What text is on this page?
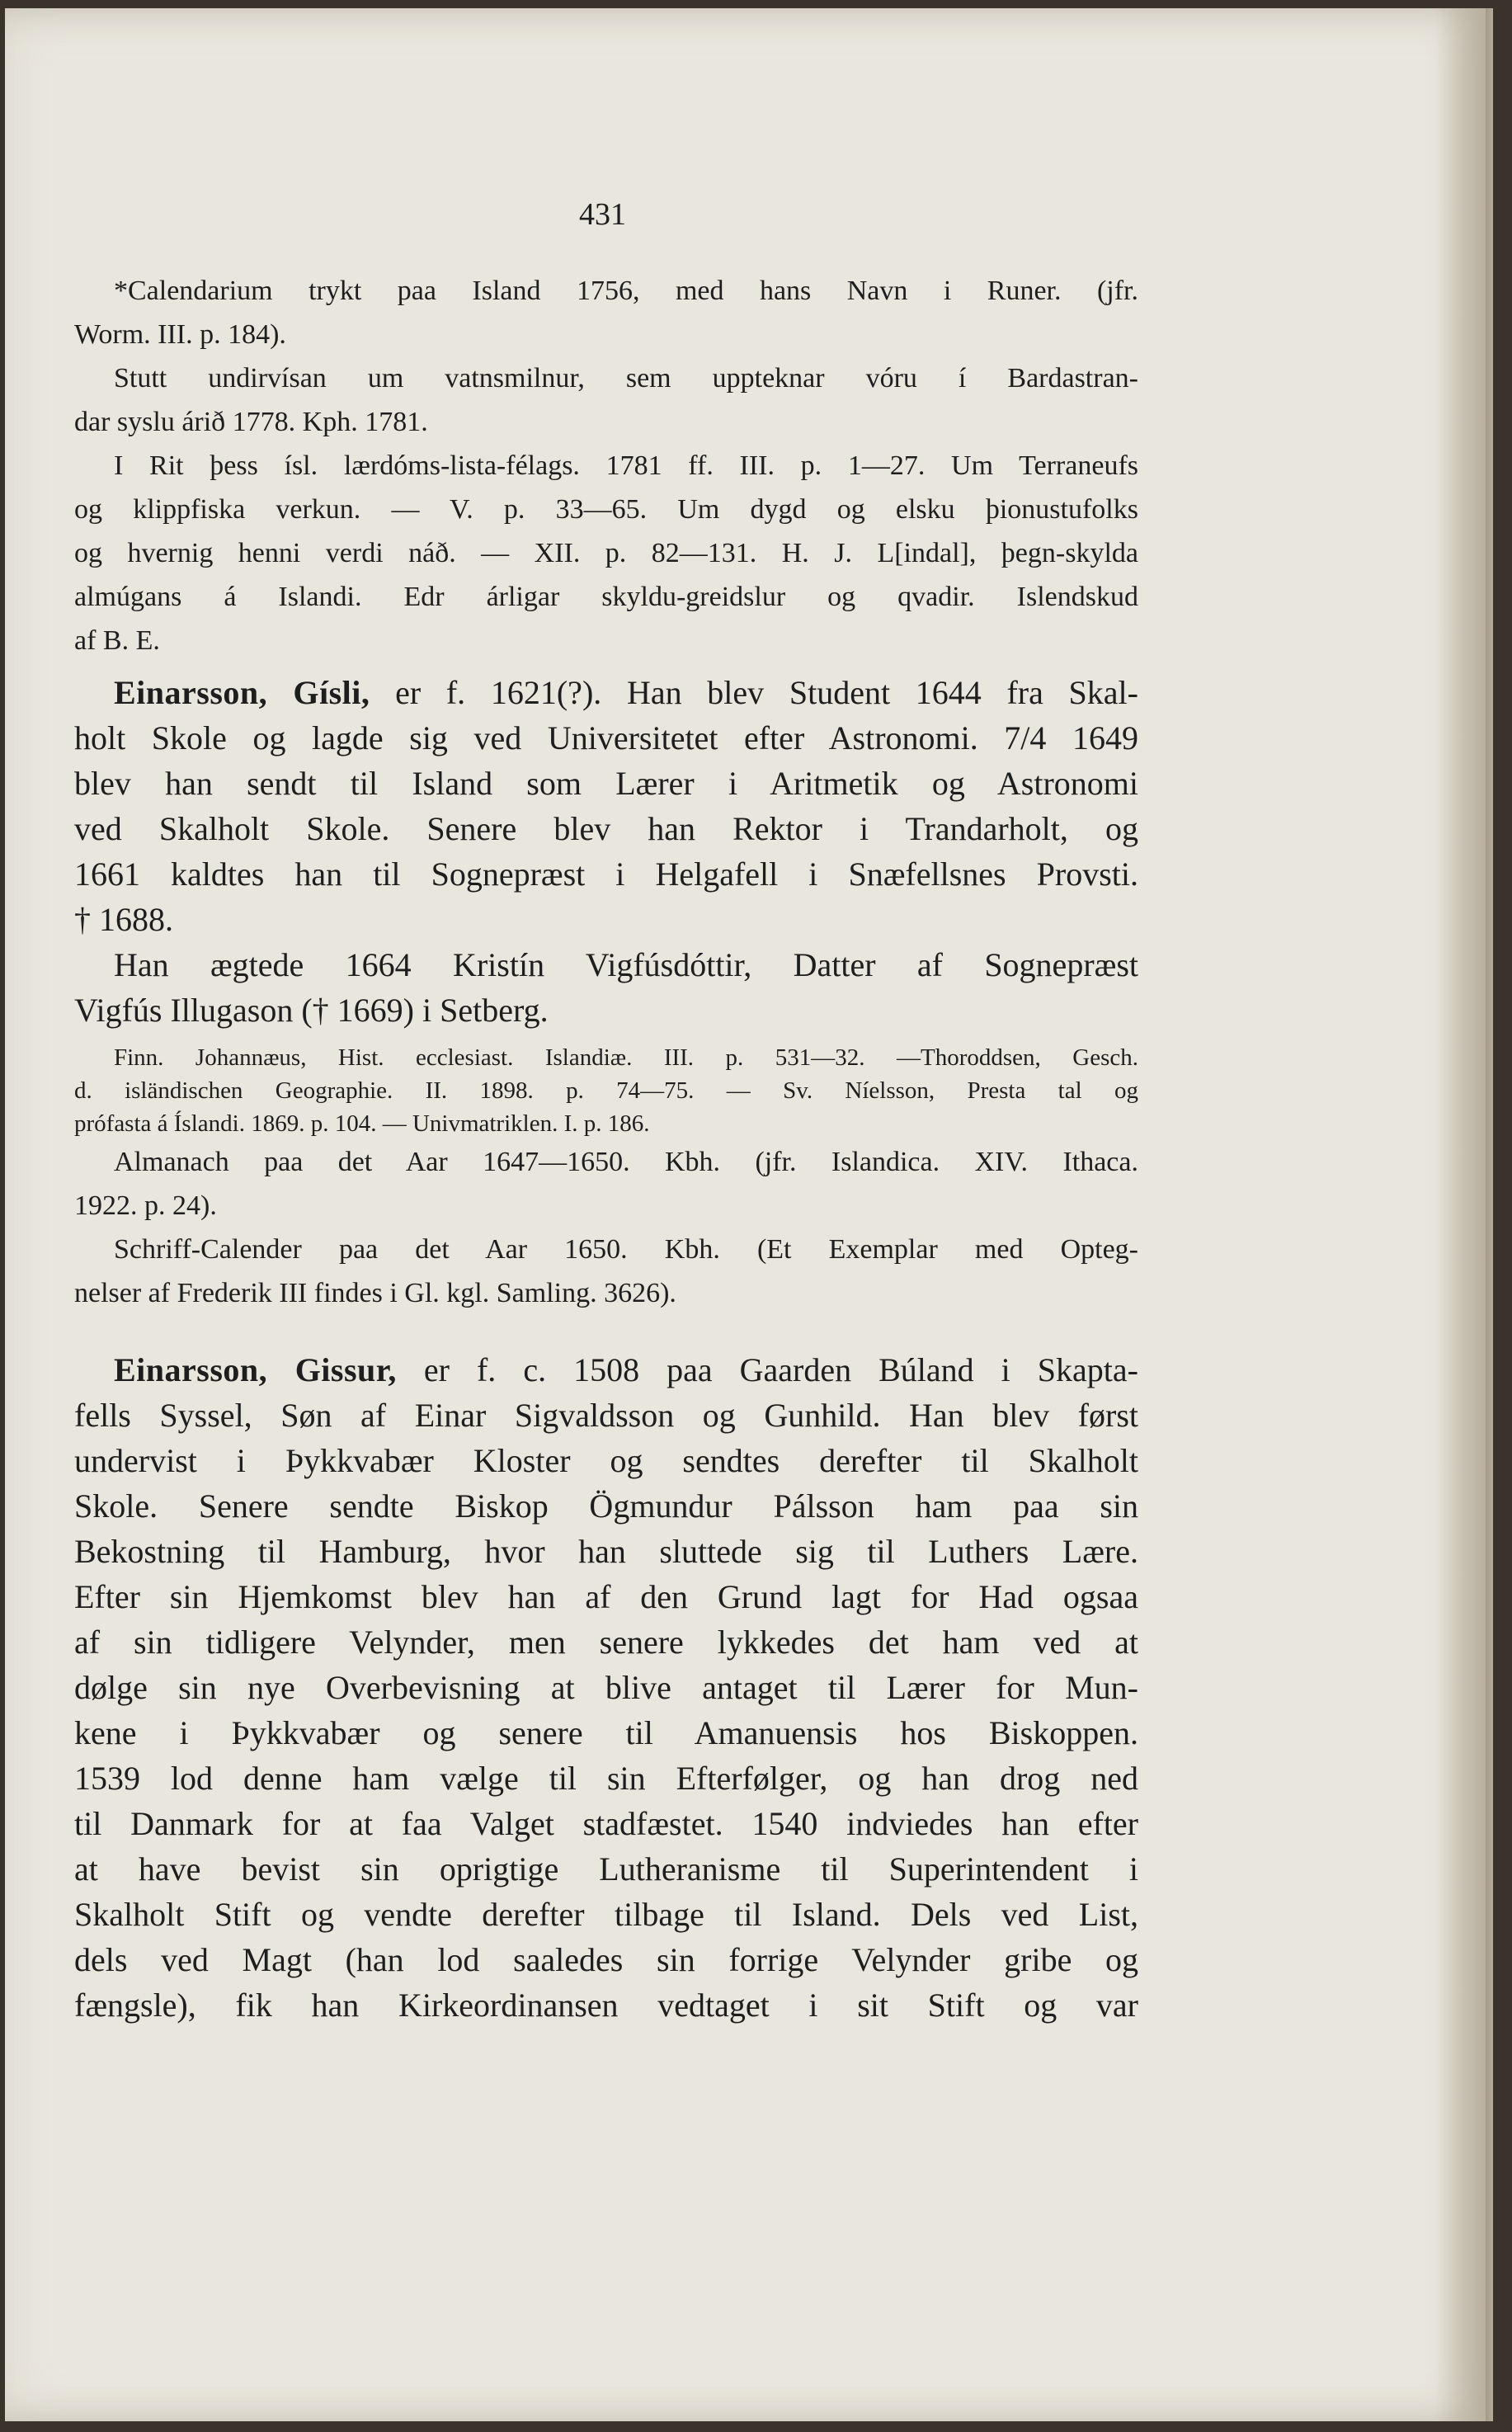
431
*Calendarium trykt paa Island 1756, med hans Navn i Runer. (jfr.
Worm. III. p. 184).
Stutt undirvísan um vatnsmilnur, sem uppteknar vóru í Bardastran-
dar syslu árið 1778. Kph. 1781.
I Rit þess ísl. lærdóms-lista-félags. 1781 ff. III. p. 1—27. Um Terraneufs
og klippfiska verkun. — V. p. 33—65. Um dygd og elsku þionustufolks
og hvernig henni verdi náð. — XII. p. 82—131. H. J. L[indal], þegn-skylda
almúgans á Islandi. Edr árligar skyldu-greidslur og qvadir. Islendskud
af B. E.
Einarsson, Gísli, er f. 1621(?). Han blev Student 1644 fra Skal-
holt Skole og lagde sig ved Universitetet efter Astronomi. 7/4 1649
blev han sendt til Island som Lærer i Aritmetik og Astronomi
ved Skalholt Skole. Senere blev han Rektor i Trandarholt, og
1661 kaldtes han til Sognepræst i Helgafell i Snæfellsnes Provsti.
† 1688.
Han ægtede 1664 Kristín Vigfúsdóttir, Datter af Sognepræst
Vigfús Illugason († 1669) i Setberg.
Finn. Johannæus, Hist. ecclesiast. Islandiæ. III. p. 531—32. —Thoroddsen, Gesch.
d. isländischen Geographie. II. 1898. p. 74—75. — Sv. Níelsson, Presta tal og
prófasta á Íslandi. 1869. p. 104. — Univmatriklen. I. p. 186.
Almanach paa det Aar 1647—1650. Kbh. (jfr. Islandica. XIV. Ithaca.
1922. p. 24).
Schriff-Calender paa det Aar 1650. Kbh. (Et Exemplar med Opteg-
nelser af Frederik III findes i Gl. kgl. Samling. 3626).
Einarsson, Gissur, er f. c. 1508 paa Gaarden Búland i Skapta-
fells Syssel, Søn af Einar Sigvaldsson og Gunhild. Han blev først
undervist i Þykkvabær Kloster og sendtes derefter til Skalholt
Skole. Senere sendte Biskop Ögmundur Pálsson ham paa sin
Bekostning til Hamburg, hvor han sluttede sig til Luthers Lære.
Efter sin Hjemkomst blev han af den Grund lagt for Had ogsaa
af sin tidligere Velynder, men senere lykkedes det ham ved at
dølge sin nye Overbevisning at blive antaget til Lærer for Mun-
kene i Þykkvabær og senere til Amanuensis hos Biskoppen.
1539 lod denne ham vælge til sin Efterfølger, og han drog ned
til Danmark for at faa Valget stadfæstet. 1540 indviedes han efter
at have bevist sin oprigtige Lutheranisme til Superintendent i
Skalholt Stift og vendte derefter tilbage til Island. Dels ved List,
dels ved Magt (han lod saaledes sin forrige Velynder gribe og
fængsle), fik han Kirkeordinansen vedtaget i sit Stift og var
